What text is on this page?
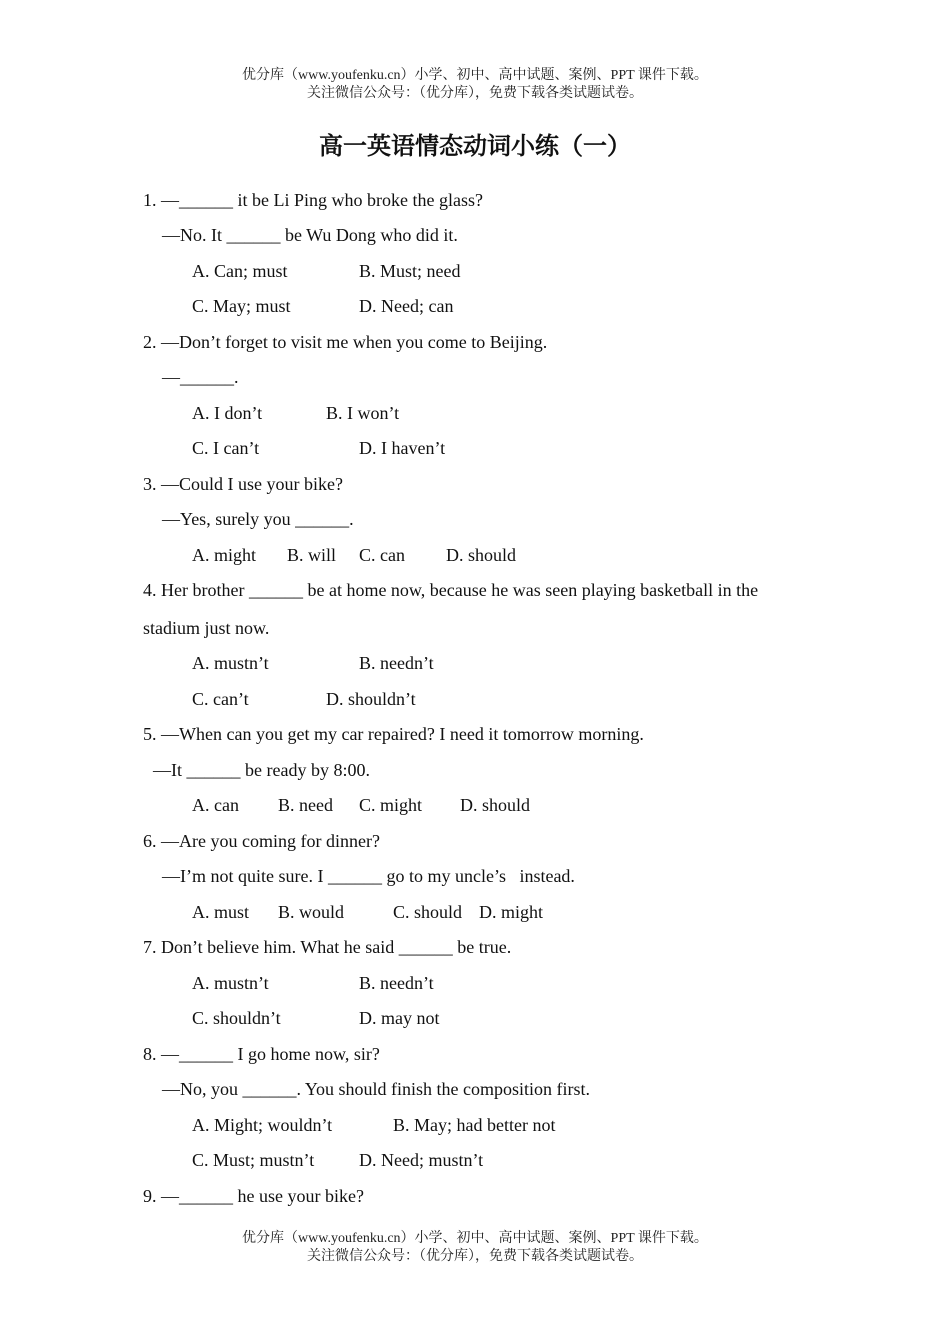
优分库（www.youfenku.cn）小学、初中、高中试题、案例、PPT 课件下载。
关注微信公众号：（优分库），免费下载各类试题试卷。
高一英语情态动词小练（一）
1. —______ it be Li Ping who broke the glass?
—No. It ______ be Wu Dong who did it.
A. Can; must	B. Must; need
C. May; must	D. Need; can
2. —Don’t forget to visit me when you come to Beijing.
—______.
A. I don’t	B. I won’t
C. I can’t	D. I haven’t
3. —Could I use your bike?
—Yes, surely you ______.
A. might B. will C. can D. should
4. Her brother ______ be at home now, because he was seen playing basketball in the
stadium just now.
A. mustn’t	B. needn’t
C. can’t	D. shouldn’t
5. —When can you get my car repaired? I need it tomorrow morning.
—It ______ be ready by 8:00.
A. can B. need C. might D. should
6. —Are you coming for dinner?
—I’m not quite sure. I ______ go to my uncle’s   instead.
A. must B. would	C. should D. might
7. Don’t believe him. What he said ______ be true.
A. mustn’t	B. needn’t
C. shouldn’t	D. may not
8. —______ I go home now, sir?
—No, you ______. You should finish the composition first.
A. Might; wouldn’t	B. May; had better not
C. Must; mustn’t D. Need; mustn’t
9. —______ he use your bike?
优分库（www.youfenku.cn）小学、初中、高中试题、案例、PPT 课件下载。
关注微信公众号：（优分库），免费下载各类试题试卷。
